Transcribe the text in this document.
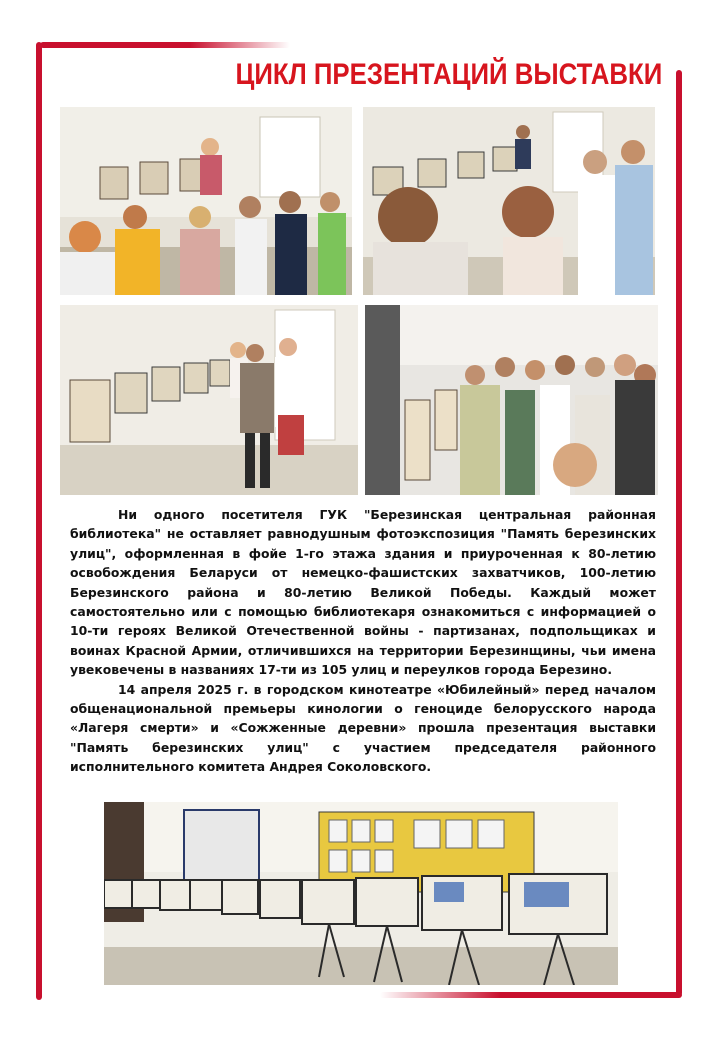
ЦИКЛ ПРЕЗЕНТАЦИЙ ВЫСТАВКИ

Ни одного посетителя ГУК "Березинская центральная районная библиотека" не оставляет равнодушным фотоэкспозиция "Память березинских улиц", оформленная в фойе 1-го этажа здания и приуроченная к 80-летию освобождения Беларуси от немецко-фашистских захватчиков, 100-летию Березинского района и 80-летию Великой Победы. Каждый может самостоятельно или с помощью библиотекаря ознакомиться с информацией о 10-ти героях Великой Отечественной войны - партизанах, подпольщиках и воинах Красной Армии, отличившихся на территории Березинщины, чьи имена увековечены в названиях 17-ти из 105 улиц и переулков города Березино.

14 апреля 2025 г. в городском кинотеатре «Юбилейный» перед началом общенациональной премьеры кинологии о геноциде белорусского народа «Лагеря смерти» и «Сожженные деревни» прошла презентация выставки "Память березинских улиц" с участием председателя районного исполнительного комитета Андрея Соколовского.
